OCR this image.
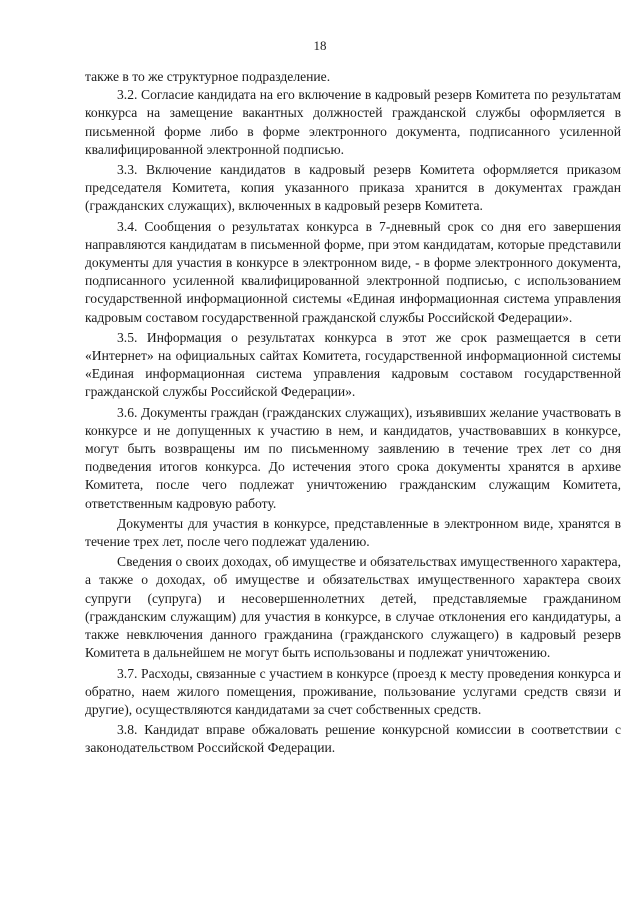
18

также в то же структурное подразделение.

3.2. Согласие кандидата на его включение в кадровый резерв Комитета по результатам конкурса на замещение вакантных должностей гражданской службы оформляется в письменной форме либо в форме электронного документа, подписанного усиленной квалифицированной электронной подписью.

3.3. Включение кандидатов в кадровый резерв Комитета оформляется приказом председателя Комитета, копия указанного приказа хранится в документах граждан (гражданских служащих), включенных в кадровый резерв Комитета.

3.4. Сообщения о результатах конкурса в 7-дневный срок со дня его завершения направляются кандидатам в письменной форме, при этом кандидатам, которые представили документы для участия в конкурсе в электронном виде, - в форме электронного документа, подписанного усиленной квалифицированной электронной подписью, с использованием государственной информационной системы «Единая информационная система управления кадровым составом государственной гражданской службы Российской Федерации».

3.5. Информация о результатах конкурса в этот же срок размещается в сети «Интернет» на официальных сайтах Комитета, государственной информационной системы «Единая информационная система управления кадровым составом государственной гражданской службы Российской Федерации».

3.6. Документы граждан (гражданских служащих), изъявивших желание участвовать в конкурсе и не допущенных к участию в нем, и кандидатов, участвовавших в конкурсе, могут быть возвращены им по письменному заявлению в течение трех лет со дня подведения итогов конкурса. До истечения этого срока документы хранятся в архиве Комитета, после чего подлежат уничтожению гражданским служащим Комитета, ответственным кадровую работу.

Документы для участия в конкурсе, представленные в электронном виде, хранятся в течение трех лет, после чего подлежат удалению.

Сведения о своих доходах, об имуществе и обязательствах имущественного характера, а также о доходах, об имуществе и обязательствах имущественного характера своих супруги (супруга) и несовершеннолетних детей, представляемые гражданином (гражданским служащим) для участия в конкурсе, в случае отклонения его кандидатуры, а также невключения данного гражданина (гражданского служащего) в кадровый резерв Комитета в дальнейшем не могут быть использованы и подлежат уничтожению.

3.7. Расходы, связанные с участием в конкурсе (проезд к месту проведения конкурса и обратно, наем жилого помещения, проживание, пользование услугами средств связи и другие), осуществляются кандидатами за счет собственных средств.

3.8. Кандидат вправе обжаловать решение конкурсной комиссии в соответствии с законодательством Российской Федерации.
